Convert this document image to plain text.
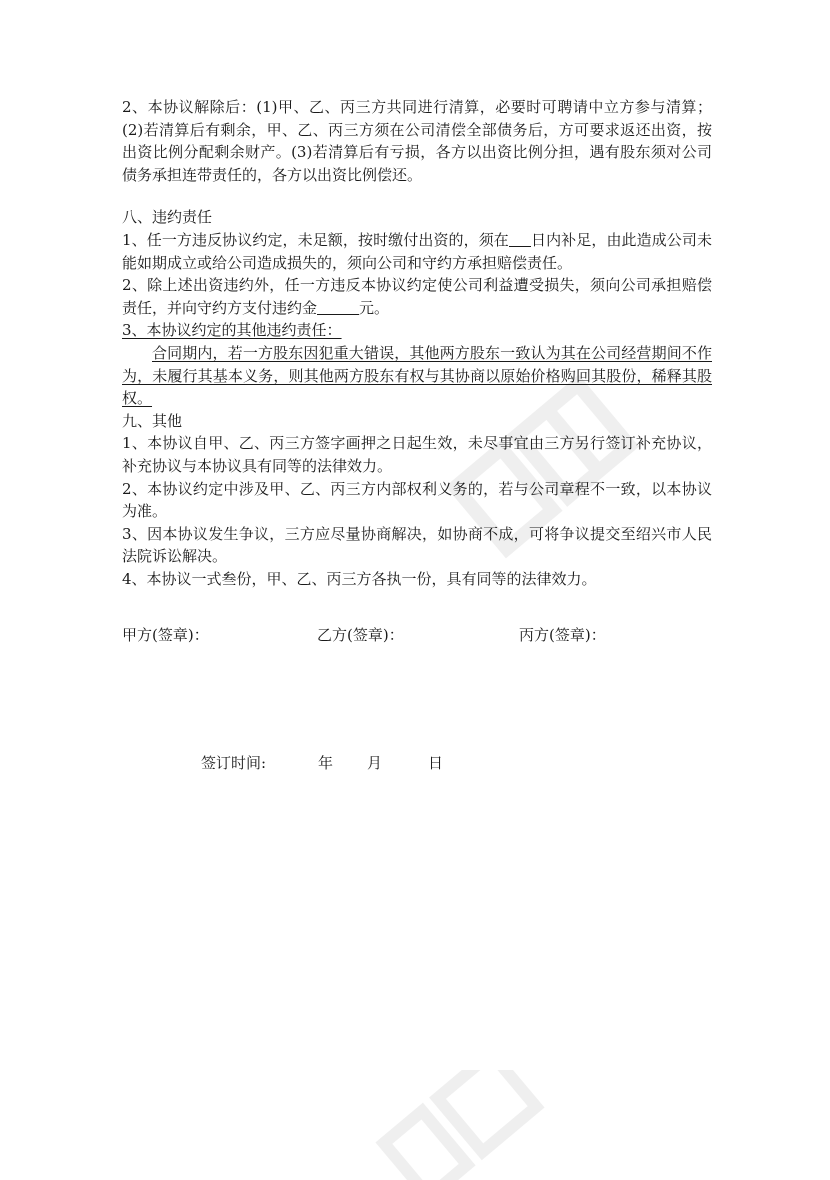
2、本协议解除后：(1)甲、乙、丙三方共同进行清算，必要时可聘请中立方参与清算；(2)若清算后有剩余，甲、乙、丙三方须在公司清偿全部债务后，方可要求返还出资，按出资比例分配剩余财产。(3)若清算后有亏损，各方以出资比例分担，遇有股东须对公司债务承担连带责任的，各方以出资比例偿还。

八、违约责任

1、任一方违反协议约定，未足额，按时缴付出资的，须在 日内补足，由此造成公司未能如期成立或给公司造成损失的，须向公司和守约方承担赔偿责任。

2、除上述出资违约外，任一方违反本协议约定使公司利益遭受损失，须向公司承担赔偿责任，并向守约方支付违约金	元。

3、本协议约定的其他违约责任：

合同期内，若一方股东因犯重大错误，其他两方股东一致认为其在公司经营期间不作为，未履行其基本义务，则其他两方股东有权与其协商以原始价格购回其股份，稀释其股权。

九、其他

1、本协议自甲、乙、丙三方签字画押之日起生效，未尽事宜由三方另行签订补充协议，补充协议与本协议具有同等的法律效力。

2、本协议约定中涉及甲、乙、丙三方内部权利义务的，若与公司章程不一致，以本协议为准。

3、因本协议发生争议，三方应尽量协商解决，如协商不成，可将争议提交至绍兴市人民法院诉讼解决。

4、本协议一式叁份，甲、乙、丙三方各执一份，具有同等的法律效力。

甲方(签章)：	乙方(签章)：	丙方(签章)：
签订时间:	年 月	日
